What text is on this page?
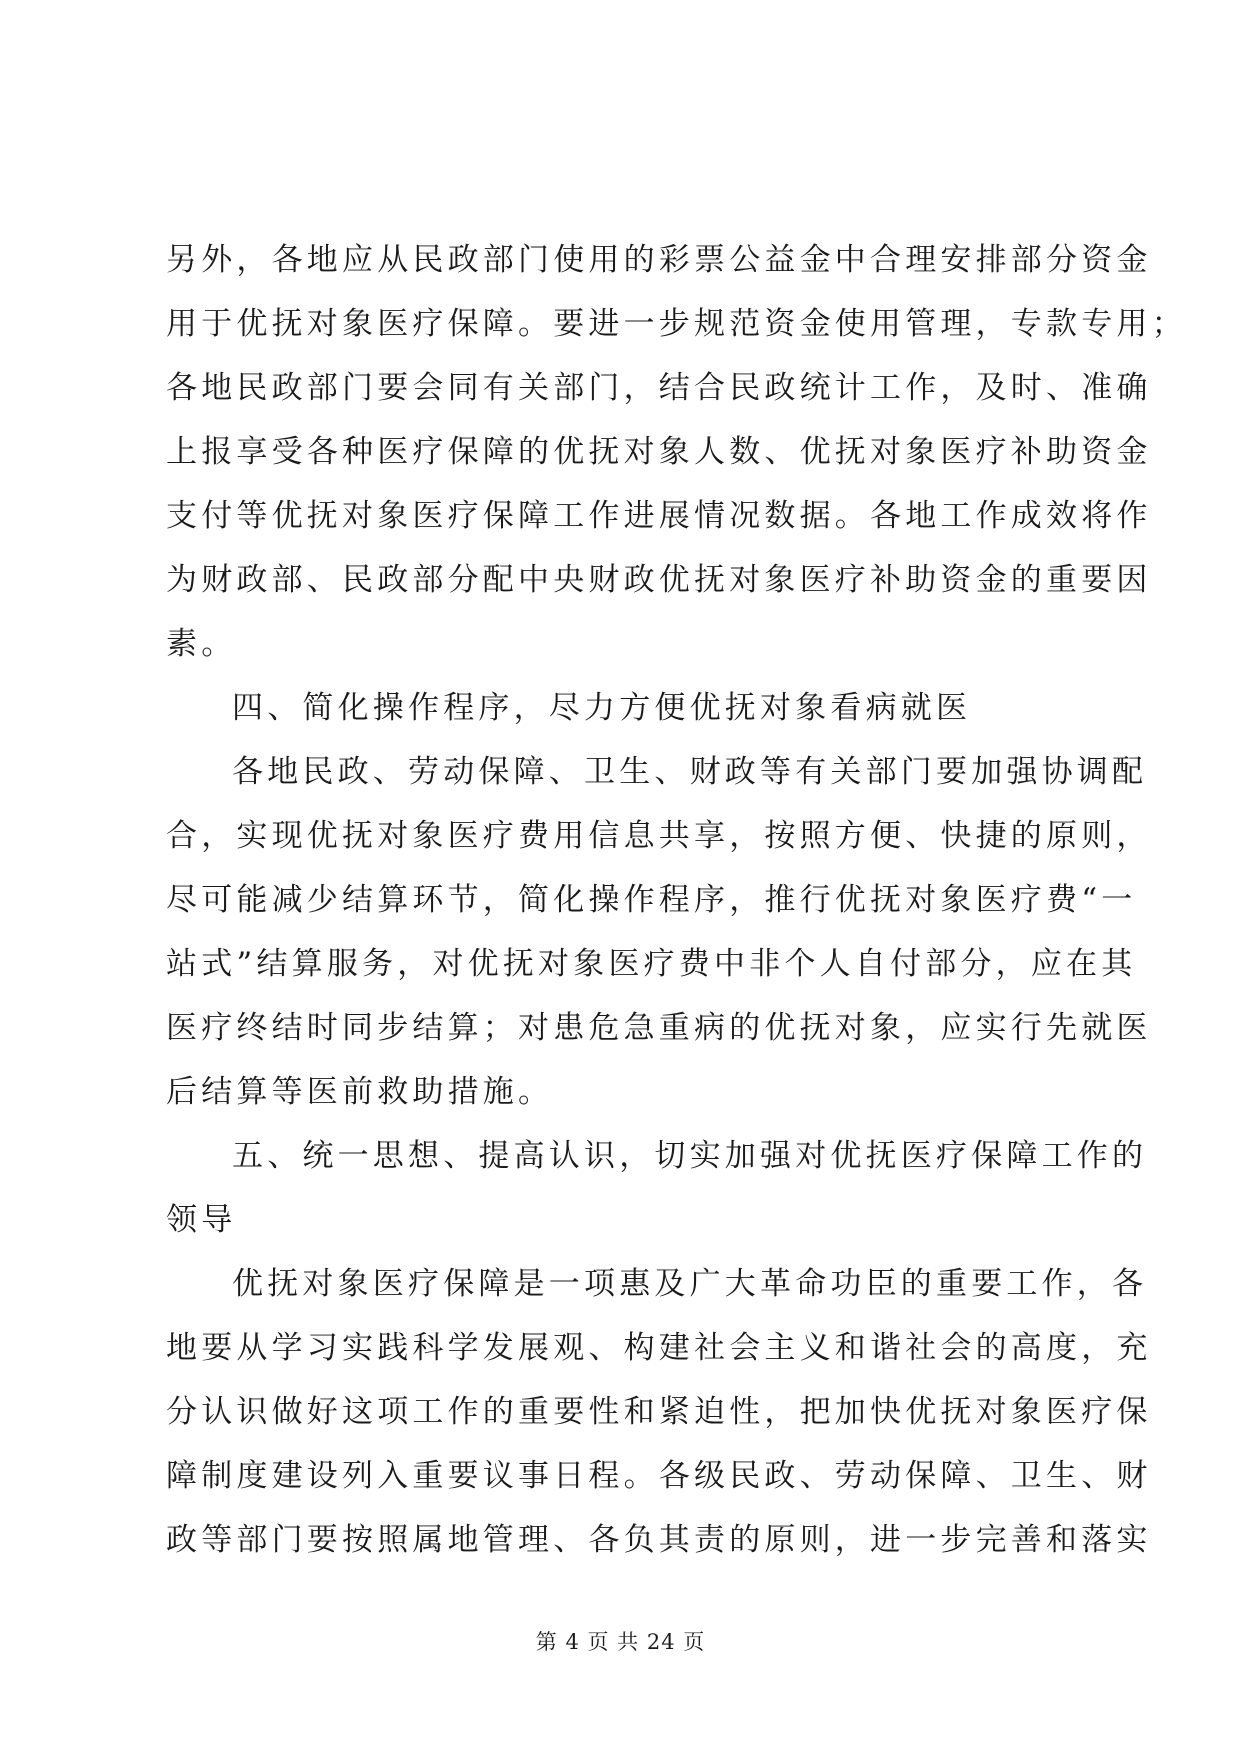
另外，各地应从民政部门使用的彩票公益金中合理安排部分资金
用于优抚对象医疗保障。要进一步规范资金使用管理，专款专用；
各地民政部门要会同有关部门，结合民政统计工作，及时、准确
上报享受各种医疗保障的优抚对象人数、优抚对象医疗补助资金
支付等优抚对象医疗保障工作进展情况数据。各地工作成效将作
为财政部、民政部分配中央财政优抚对象医疗补助资金的重要因
素。
四、简化操作程序，尽力方便优抚对象看病就医
各地民政、劳动保障、卫生、财政等有关部门要加强协调配
合，实现优抚对象医疗费用信息共享，按照方便、快捷的原则，
尽可能减少结算环节，简化操作程序，推行优抚对象医疗费“一
站式”结算服务，对优抚对象医疗费中非个人自付部分，应在其
医疗终结时同步结算；对患危急重病的优抚对象，应实行先就医
后结算等医前救助措施。
五、统一思想、提高认识，切实加强对优抚医疗保障工作的
领导
优抚对象医疗保障是一项惠及广大革命功臣的重要工作，各
地要从学习实践科学发展观、构建社会主义和谐社会的高度，充
分认识做好这项工作的重要性和紧迫性，把加快优抚对象医疗保
障制度建设列入重要议事日程。各级民政、劳动保障、卫生、财
政等部门要按照属地管理、各负其责的原则，进一步完善和落实
第 4 页 共 24 页
